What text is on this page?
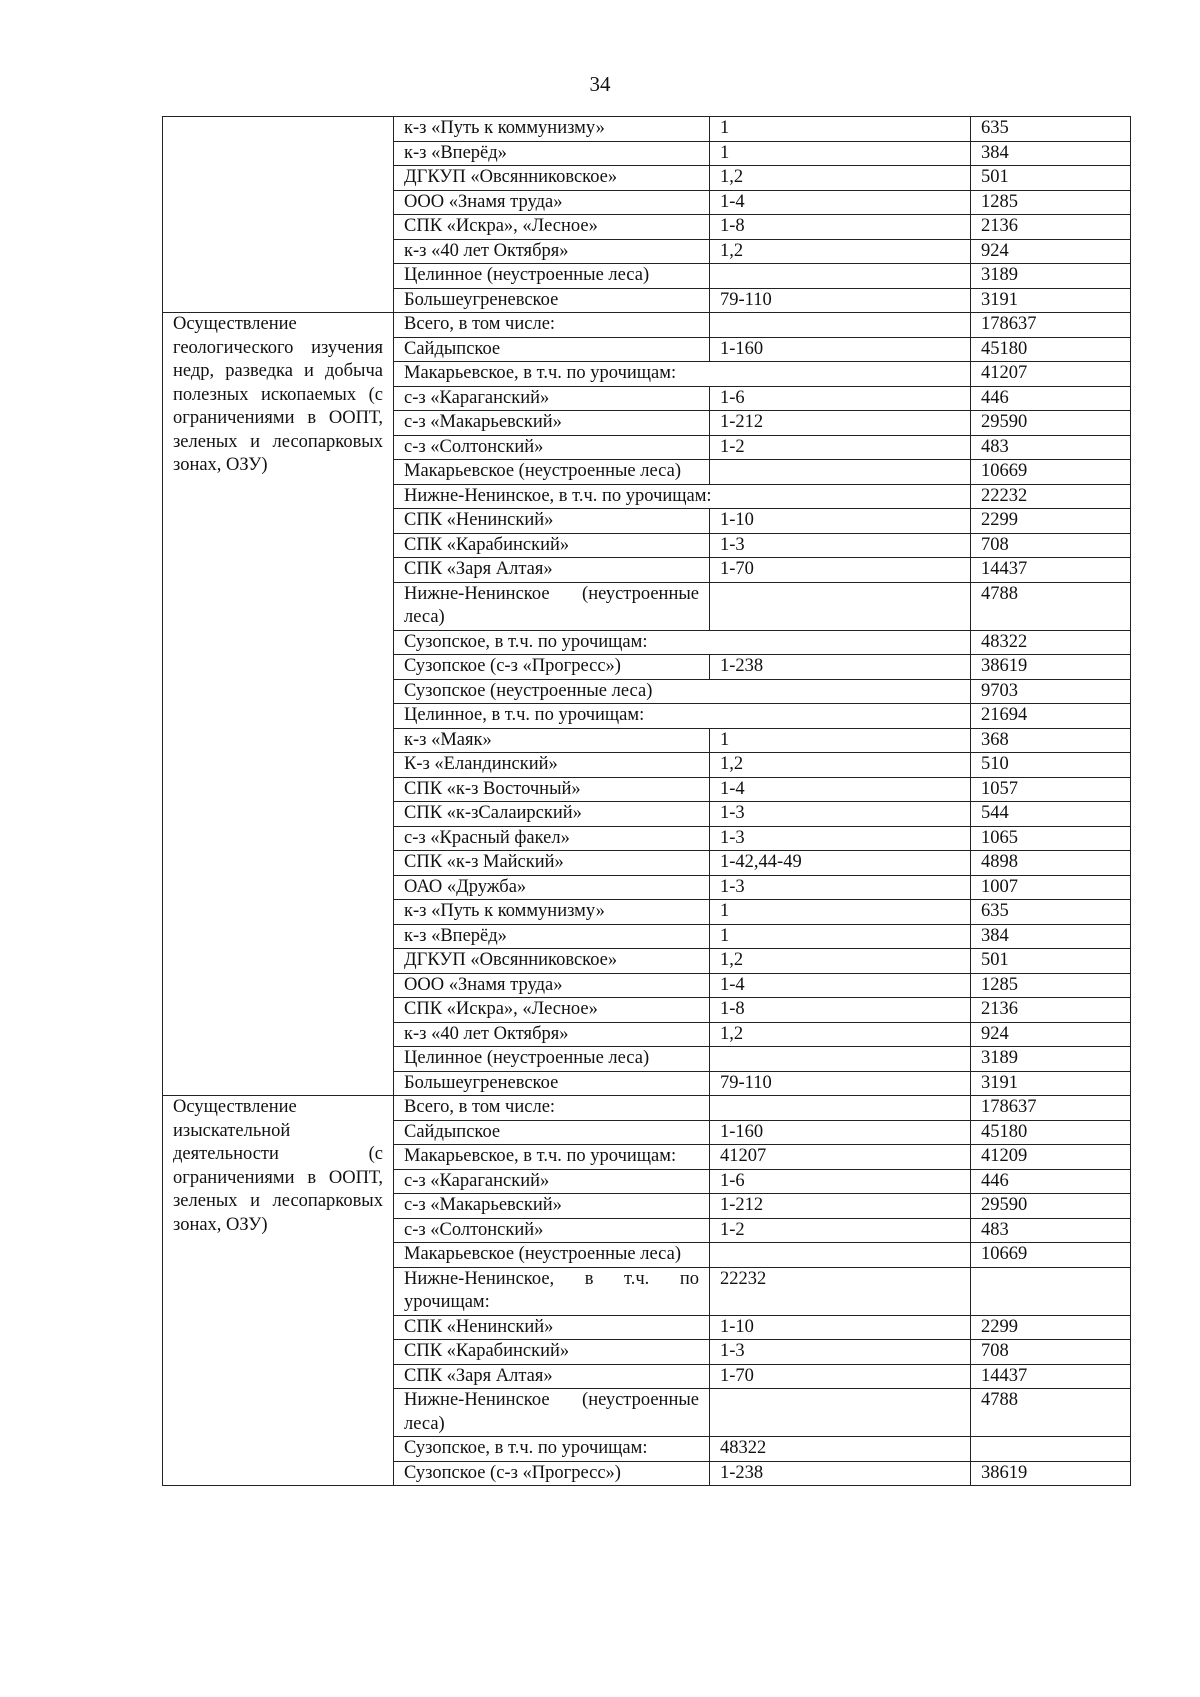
34
	к-з «Путь к коммунизму»	1	635
	к-з «Вперёд»	1	384
	ДГКУП «Овсянниковское»	1,2	501
	ООО «Знамя труда»	1-4	1285
	СПК «Искра», «Лесное»	1-8	2136
	к-з «40 лет Октября»	1,2	924
	Целинное (неустроенные леса)		3189
	Большеугреневское	79-110	3191
Осуществление геологического изучения недр, разведка и добыча полезных ископаемых (с ограничениями в ООПТ, зеленых и лесопарковых зонах, ОЗУ)	Всего, в том числе:		178637
	Сайдыпское	1-160	45180
	Макарьевское, в т.ч. по урочищам:		41207
	с-з «Караганский»	1-6	446
	с-з «Макарьевский»	1-212	29590
	с-з «Солтонский»	1-2	483
	Макарьевское (неустроенные леса)		10669
	Нижне-Ненинское, в т.ч. по урочищам:		22232
	СПК «Ненинский»	1-10	2299
	СПК «Карабинский»	1-3	708
	СПК «Заря Алтая»	1-70	14437
	Нижне-Ненинское (неустроенные леса)		4788
	Сузопское, в т.ч. по урочищам:		48322
	Сузопское (с-з «Прогресс»)	1-238	38619
	Сузопское (неустроенные леса)		9703
	Целинное, в т.ч. по урочищам:		21694
	к-з «Маяк»	1	368
	К-з «Еландинский»	1,2	510
	СПК «к-з Восточный»	1-4	1057
	СПК «к-зСалаирский»	1-3	544
	с-з «Красный факел»	1-3	1065
	СПК «к-з Майский»	1-42,44-49	4898
	ОАО «Дружба»	1-3	1007
	к-з «Путь к коммунизму»	1	635
	к-з «Вперёд»	1	384
	ДГКУП «Овсянниковское»	1,2	501
	ООО «Знамя труда»	1-4	1285
	СПК «Искра», «Лесное»	1-8	2136
	к-з «40 лет Октября»	1,2	924
	Целинное (неустроенные леса)		3189
	Большеугреневское	79-110	3191
Осуществление изыскательной деятельности (с ограничениями в ООПТ, зеленых и лесопарковых зонах, ОЗУ)	Всего, в том числе:		178637
	Сайдыпское	1-160	45180
	Макарьевское, в т.ч. по урочищам:	41207	41209
	с-з «Караганский»	1-6	446
	с-з «Макарьевский»	1-212	29590
	с-з «Солтонский»	1-2	483
	Макарьевское (неустроенные леса)		10669
	Нижне-Ненинское, в т.ч. по урочищам:	22232	
	СПК «Ненинский»	1-10	2299
	СПК «Карабинский»	1-3	708
	СПК «Заря Алтая»	1-70	14437
	Нижне-Ненинское (неустроенные леса)		4788
	Сузопское, в т.ч. по урочищам:	48322	
	Сузопское (с-з «Прогресс»)	1-238	38619
